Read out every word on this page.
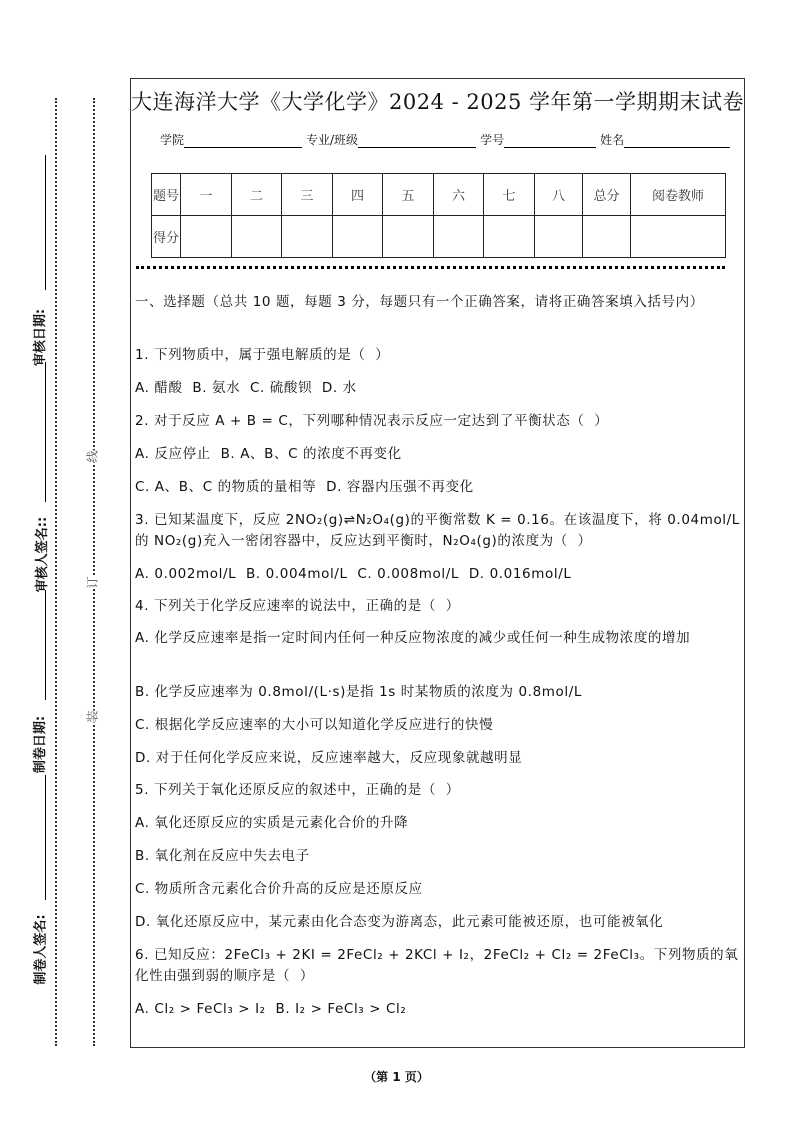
审核日期:
审核人签名::
制卷日期:
制卷人签名:
线
订
装
大连海洋大学《大学化学》2024 - 2025 学年第一学期期末试卷
学院	专业/班级	学号	姓名
题号	一	二	三	四	五	六	七	八	总分	阅卷教师
得分										
一、选择题（总共 10 题，每题 3 分，每题只有一个正确答案，请将正确答案填入括号内）
1. 下列物质中，属于强电解质的是（  ）
A. 醋酸  B. 氨水  C. 硫酸钡  D. 水
2. 对于反应 A + B = C，下列哪种情况表示反应一定达到了平衡状态（  ）
A. 反应停止  B. A、B、C 的浓度不再变化
C. A、B、C 的物质的量相等  D. 容器内压强不再变化
3. 已知某温度下，反应 2NO₂(g)⇌N₂O₄(g)的平衡常数 K = 0.16。在该温度下，将 0.04mol/L 的 NO₂(g)充入一密闭容器中，反应达到平衡时，N₂O₄(g)的浓度为（  ）
A. 0.002mol/L  B. 0.004mol/L  C. 0.008mol/L  D. 0.016mol/L
4. 下列关于化学反应速率的说法中，正确的是（  ）
A. 化学反应速率是指一定时间内任何一种反应物浓度的减少或任何一种生成物浓度的增加
B. 化学反应速率为 0.8mol/(L·s)是指 1s 时某物质的浓度为 0.8mol/L
C. 根据化学反应速率的大小可以知道化学反应进行的快慢
D. 对于任何化学反应来说，反应速率越大，反应现象就越明显
5. 下列关于氧化还原反应的叙述中，正确的是（  ）
A. 氧化还原反应的实质是元素化合价的升降
B. 氧化剂在反应中失去电子
C. 物质所含元素化合价升高的反应是还原反应
D. 氧化还原反应中，某元素由化合态变为游离态，此元素可能被还原，也可能被氧化
6. 已知反应：2FeCl₃ + 2KI = 2FeCl₂ + 2KCl + I₂，2FeCl₂ + Cl₂ = 2FeCl₃。下列物质的氧化性由强到弱的顺序是（  ）
A. Cl₂ > FeCl₃ > I₂  B. I₂ > FeCl₃ > Cl₂
（第 1 页）
